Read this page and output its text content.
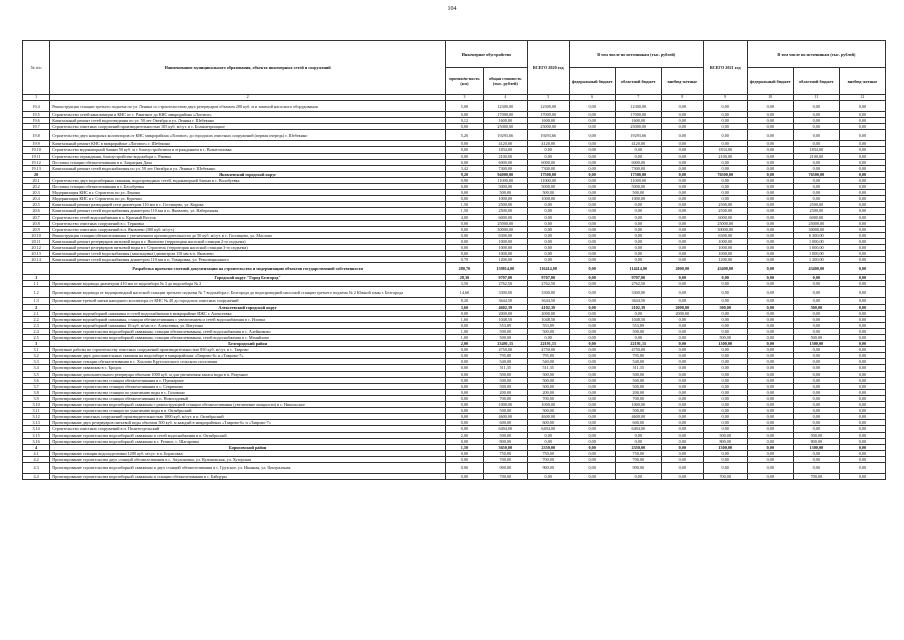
104
№ п/п	Наименование муниципального образования, объекта инженерных сетей и сооружений	Инженерное обустройство		ВСЕГО 2020 год	В том числе по источникам (тыс. рублей)			ВСЕГО 2021 год	В том числе по источникам (тыс. рублей)		
		протяжён-ность (км)	общая стоимость (тыс. рублей)		федеральный бюджет	областной бюджет	внебюд-жетные		федеральный бюджет	областной бюджет	внебюд-жетные
1	2	3	4	5	6	7	8	9	10	11	12
19.4	Реконструкция станции третьего подъема по ул. Ленина со строительством двух резервуаров объемом 200 куб. м и заменой насосного оборудования	5,00	12300,00	12300,00	0,00	12300,00	0,00	0,00	0,00	0,00	0,00
19.5	Строительство сетей канализации и КНС от с. Ракитное до КНС микрорайона «Логовое»	0,00	17000,00	17000,00	0,00	17000,00	0,00	0,00	0,00	0,00	0,00
19.6	Капитальный ремонт сетей водоотведения по ул. 50 лет Октября и ул. Ленина г. Шебекино	0,12	1600,00	1600,00	0,00	1600,00	0,00	0,00	0,00	0,00	0,00
19.7	Строительство очистных сооружений производительностью 105 куб. м/сут. в с. Большетроицкое	0,00	25000,00	25000,00	0,00	25000,00	0,00	0,00	0,00	0,00	0,00
19.8	Строительство двух напорных коллекторов от КНС микрорайона «Логовое» до городских очистных сооружений (первая очередь) г. Шебекино	5,20	19293,66	19293,66	0,00	19293,66	0,00	0,00	0,00	0,00	0,00
19.9	Капитальный ремонт КНС в микрорайоне «Логовое» г. Шебекино	0,00	4120,00	4120,00	0,00	4120,00	0,00	0,00	0,00	0,00	0,00
19.10	Строительство водонапорной башни 50 куб. м с благоустройством и ограждением в с. Вознесеновка	0,00	1834,00	0,00	0,00	0,00	0,00	1834,00	0,00	1834,00	0,00
19.11	Строительство ограждения, благоустройство водозабора с. Ржевка	0,00	2100,00	0,00	0,00	0,00	0,00	2100,00	0,00	2100,00	0,00
19.12	Поставка станции обезжелезивания в п. Батрацкая Дача	0,00	6000,00	6000,00	0,00	6000,00	0,00	0,00	0,00	0,00	0,00
19.13	Капитальный ремонт сетей водоснабжения по ул. 50 лет Октября и ул. Ленина г. Шебекино	3,42	7300,00	7300,00	0,00	7300,00	0,00	0,00	0,00	0,00	0,00
20	Яковлевский городской округ	9,20	94000,00	17500,00	0,00	17500,00	0,00	76500,00	0,00	76500,00	0,00
20.1	Строительство двух водозаборных скважин, водопроводных сетей, водонапорной башни в с. Волобуевка	0,90	11000,00	11000,00	0,00	11000,00	0,00	0,00	0,00	0,00	0,00
20.2	Поставка станции обезжелезивания в с. Бесобуевка	0,00	5000,00	5000,00	0,00	5000,00	0,00	0,00	0,00	0,00	0,00
20.3	Модернизация КНС в г. Строитель по ул. Ленина	0,00	500,00	500,00	0,00	500,00	0,00	0,00	0,00	0,00	0,00
20.4	Модернизация КНС в г. Строитель по ул. Курочки	0,00	1000,00	1000,00	0,00	1000,00	0,00	0,00	0,00	0,00	0,00
20.5	Капитальный ремонт разводящей сети диаметром 110 мм в с. Гостищево, ул. Кирова	1,50	2500,00	0,00	0,00	0,00	0,00	2500,00	0,00	2500,00	0,00
20.6	Капитальный ремонт сетей водоснабжения диаметром 110 мм в п. Яковлево, ул. Набережная	1,50	2500,00	0,00	0,00	0,00	0,00	2500,00	0,00	2500,00	0,00
20.7	Строительство сетей водоснабжения в х. Красный Восток	4,00	6000,00	0,00	0,00	0,00	0,00	6000,00	0,00	6000,00	0,00
20.8	Строительство очистных сооружений в с. Терновка	0,00	25000,00	0,00	0,00	0,00	0,00	25000,00	0,00	25000,00	0,00
20.9	Строительство очистных сооружений в п. Яковлево (300 куб. м/сут.)	0,00	30000,00	0,00	0,00	0,00	0,00	30000,00	0,00	30000,00	0,00
20.10	Реконструкция станции обезжелезивания с увеличением производительности до 50 куб. м/сут. в с. Гостищево, ул. Маслова	0,00	6300,00	0,00	0,00	0,00	0,00	6300,00	0,00	6 300,00	0,00
20.11	Капитальный ремонт резервуаров питьевой воды в г. Яковлево (территория насосной станции 2-го подъема)	0,00	1000,00	0,00	0,00	0,00	0,00	1000,00	0,00	1 000,00	0,00
20.12	Капитальный ремонт резервуаров питьевой воды в г. Строитель (территория насосной станции 3-го подъема)	0,00	1000,00	0,00	0,00	0,00	0,00	1000,00	0,00	1 000,00	0,00
20.13	Капитальный ремонт сетей водоснабжения (закольцовка) диаметром 110 мм в п. Яковлево	0,60	1000,00	0,00	0,00	0,00	0,00	1000,00	0,00	1 000,00	0,00
20.14	Капитальный ремонт сетей водоснабжения диаметром 110 мм в п. Томаровка, ул. Революционного	0,70	1200,00	0,00	0,00	0,00	0,00	1200,00	0,00	1 200,00	0,00
	Разработка проектно-сметной документации на строительство и модернизацию объектов государственной собственности	280,70	159814,00	116414,00	0,00	114414,00	2000,00	43400,00	0,00	43400,00	0,00
1	Городской округ "Город Белгород"	28,30	9707,00	9707,00	0,00	9707,00	0,00	0,00	0,00	0,00	0,00
1.1	Проектирование водовода диаметром 410 мм от водозабора № 3 до водозабора № 2	3,50	2762,50	2762,50	0,00	2762,50	0,00	0,00	0,00	0,00	0,00
1.2	Проектирование водовода от водопроводной насосной станции третьего подъема № 7 водозабора г. Белгорода до водопроводной насосной станции третьего подъема № 2 Южной зоны г. Белгорода	14,60	3300,00	3300,00	0,00	3300,00	0,00	0,00	0,00	0,00	0,00
1.3	Проектирование третьей нитки напорного коллектора от КНС № 40 до городских очистных сооружений	8,20	3644,50	3644,50	0,00	3644,50	0,00	0,00	0,00	0,00	0,00
2	Алексеевский городской округ	3,60	4602,39	4102,39	0,00	2102,39	2000,00	500,00	0,00	500,00	0,00
2.1	Проектирование водозаборной скважины и сетей водоснабжения в микрорайоне ИЖС г. Алексеевка	0,00	2000,00	2000,00	0,00	0,00	2000,00	0,00	0,00	0,00	0,00
2.2	Проектирование водозаборной скважины, станции обезжелезивания с увеличением и сетей водоснабжения в с. Иловка	1,60	1048,50	1048,50	0,00	1048,50	0,00	0,00	0,00	0,00	0,00
2.3	Проектирование водозаборной скважины 16 куб. м/час в г. Алексеевка, ул. Ватутина	0,00	553,89	553,89	0,00	553,89	0,00	0,00	0,00	0,00	0,00
2.4	Проектирование строительства водозаборной скважины, станции обезжелезивания, сетей водоснабжения в с. Алейниково	1,00	500,00	500,00	0,00	500,00	0,00	0,00	0,00	0,00	0,00
2.5	Проектирование строительства водозаборной скважины, станции обезжелезивания, сетей водоснабжения в с. Меняйлово	1,00	500,00	0,00	0,00	0,00	0,00	500,00	0,00	500,00	0,00
3	Белгородский район	2,00	23491,15	22191,15	0,00	22191,15	0,00	1300,00	0,00	1300,00	0,00
3.1	Проектные работы по строительству очистных сооружений производительностью 850 куб. м/сут. в с. Таврово	0,00	4750,00	4750,00	0,00	4750,00	0,00	0,00	0,00	0,00	0,00
3.2	Проектирование двух дополнительных скважин на водозаборе в микрорайонах «Таврово-6» и «Таврово-7»	0,00	795,80	795,80	0,00	795,80	0,00	0,00	0,00	0,00	0,00
3.3	Проектирование станции обезжелезивания в с. Хохлово Крутологского сельского поселения	0,00	540,00	540,00	0,00	540,00	0,00	0,00	0,00	0,00	0,00
3.4	Проектирование скважины в с. Бродок	0,00	511,35	511,35	0,00	511,35	0,00	0,00	0,00	0,00	0,00
3.5	Проектирование дополнительного резервуара объемом 1000 куб. м для увеличения запаса воды в п. Разумное	0,00	500,00	500,00	0,00	500,00	0,00	0,00	0,00	0,00	0,00
3.6	Проектирование строительства станции обезжелезивания в с. Пушкарное	0,00	500,00	500,00	0,00	500,00	0,00	0,00	0,00	0,00	0,00
3.7	Проектирование строительства станции обезжелезивания в с. Севрюково	0,00	500,00	500,00	0,00	500,00	0,00	0,00	0,00	0,00	0,00
3.8	Проектирование строительства станции по умягчению воды в с. Головино	0,00	200,00	200,00	0,00	200,00	0,00	0,00	0,00	0,00	0,00
3.9	Проектирование строительства станции обезжелезивания в п. Новосадовый	0,00	700,00	700,00	0,00	700,00	0,00	0,00	0,00	0,00	0,00
3.10	Проектирование строительства водозаборной скважины с реконструкцией станции обезжелезивания (увеличение мощности) в с. Никольское	0,00	1000,00	1000,00	0,00	1000,00	0,00	0,00	0,00	0,00	0,00
3.11	Проектирование строительства станции по умягчению воды в п. Октябрьский	0,00	500,00	500,00	0,00	500,00	0,00	0,00	0,00	0,00	0,00
3.12	Проектирование очистных сооружений производительностью 1000 куб. м/сут. в п. Октябрьский	0,00	4600,00	4600,00	0,00	4600,00	0,00	0,00	0,00	0,00	0,00
3.13	Проектирование двух резервуаров питьевой воды объемом 500 куб. м каждый в микрорайонах «Таврово-6» и «Таврово-7»	0,00	600,00	600,00	0,00	600,00	0,00	0,00	0,00	0,00	0,00
3.14	Строительство очистных сооружений в п. Политотдельский	0,00	6494,00	6494,00	0,00	6494,00	0,00	0,00	0,00	0,00	0,00
3.15	Проектирование строительства водозаборной скважины и сетей водоснабжения в п. Октябрьский	2,00	500,00	0,00	0,00	0,00	0,00	500,00	0,00	500,00	0,00
3.16	Проектирование строительства водозаборной скважины в с. Репное, с. Шагаровка	0,00	800,00	0,00	0,00	0,00	0,00	800,00	0,00	800,00	0,00
4	Борисовский район	1,50	3650,00	2350,00	0,00	2350,00	0,00	1300,00	0,00	1300,00	0,00
4.1	Проектирование станции водоподготовки 1200 куб. м/сут. в п. Борисовка	0,00	750,00	750,00	0,00	750,00	0,00	0,00	0,00	0,00	0,00
4.2	Проектирование строительства двух станций обезжелезивания в с. Акулиновка, ул. Кулиновская, ул. Хуторская	0,00	700,00	700,00	0,00	700,00	0,00	0,00	0,00	0,00	0,00
4.3	Проектирование строительства водозаборной скважины и двух станций обезжелезивания в с. Грузское, ул. Иконная, ул. Центральная	0,00	900,00	900,00	0,00	900,00	0,00	0,00	0,00	0,00	0,00
4.4	Проектирование строительства водозаборной скважины и станции обезжелезивания в с. Байцуры	0,00	700,00	0,00	0,00	0,00	0,00	700,00	0,00	700,00	0,00
